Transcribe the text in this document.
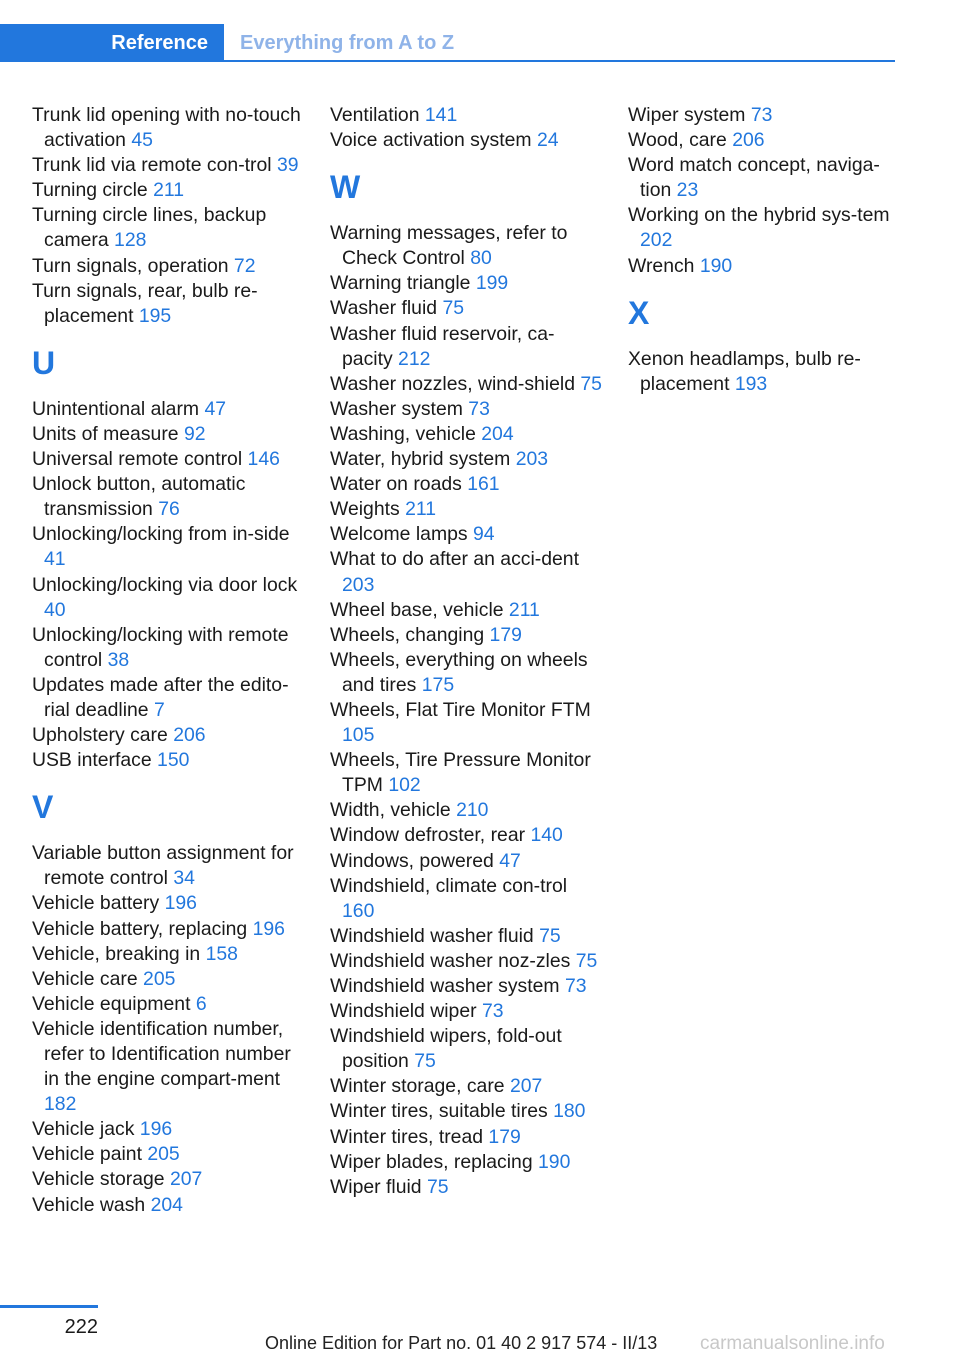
Reference	Everything from A to Z
Trunk lid opening with no-touch activation 45
Trunk lid via remote con-trol 39
Turning circle 211
Turning circle lines, backup camera 128
Turn signals, operation 72
Turn signals, rear, bulb re-placement 195
U
Unintentional alarm 47
Units of measure 92
Universal remote control 146
Unlock button, automatic transmission 76
Unlocking/locking from in-side 41
Unlocking/locking via door lock 40
Unlocking/locking with remote control 38
Updates made after the edito-rial deadline 7
Upholstery care 206
USB interface 150
V
Variable button assignment for remote control 34
Vehicle battery 196
Vehicle battery, replacing 196
Vehicle, breaking in 158
Vehicle care 205
Vehicle equipment 6
Vehicle identification number, refer to Identification number in the engine compart-ment 182
Vehicle jack 196
Vehicle paint 205
Vehicle storage 207
Vehicle wash 204
Ventilation 141
Voice activation system 24
W
Warning messages, refer to Check Control 80
Warning triangle 199
Washer fluid 75
Washer fluid reservoir, ca-pacity 212
Washer nozzles, wind-shield 75
Washer system 73
Washing, vehicle 204
Water, hybrid system 203
Water on roads 161
Weights 211
Welcome lamps 94
What to do after an acci-dent 203
Wheel base, vehicle 211
Wheels, changing 179
Wheels, everything on wheels and tires 175
Wheels, Flat Tire Monitor FTM 105
Wheels, Tire Pressure Monitor TPM 102
Width, vehicle 210
Window defroster, rear 140
Windows, powered 47
Windshield, climate con-trol 160
Windshield washer fluid 75
Windshield washer noz-zles 75
Windshield washer system 73
Windshield wiper 73
Windshield wipers, fold-out position 75
Winter storage, care 207
Winter tires, suitable tires 180
Winter tires, tread 179
Wiper blades, replacing 190
Wiper fluid 75
Wiper system 73
Wood, care 206
Word match concept, naviga-tion 23
Working on the hybrid sys-tem 202
Wrench 190
X
Xenon headlamps, bulb re-placement 193
222
Online Edition for Part no. 01 40 2 917 574 - II/13 carmanualsonline.info
